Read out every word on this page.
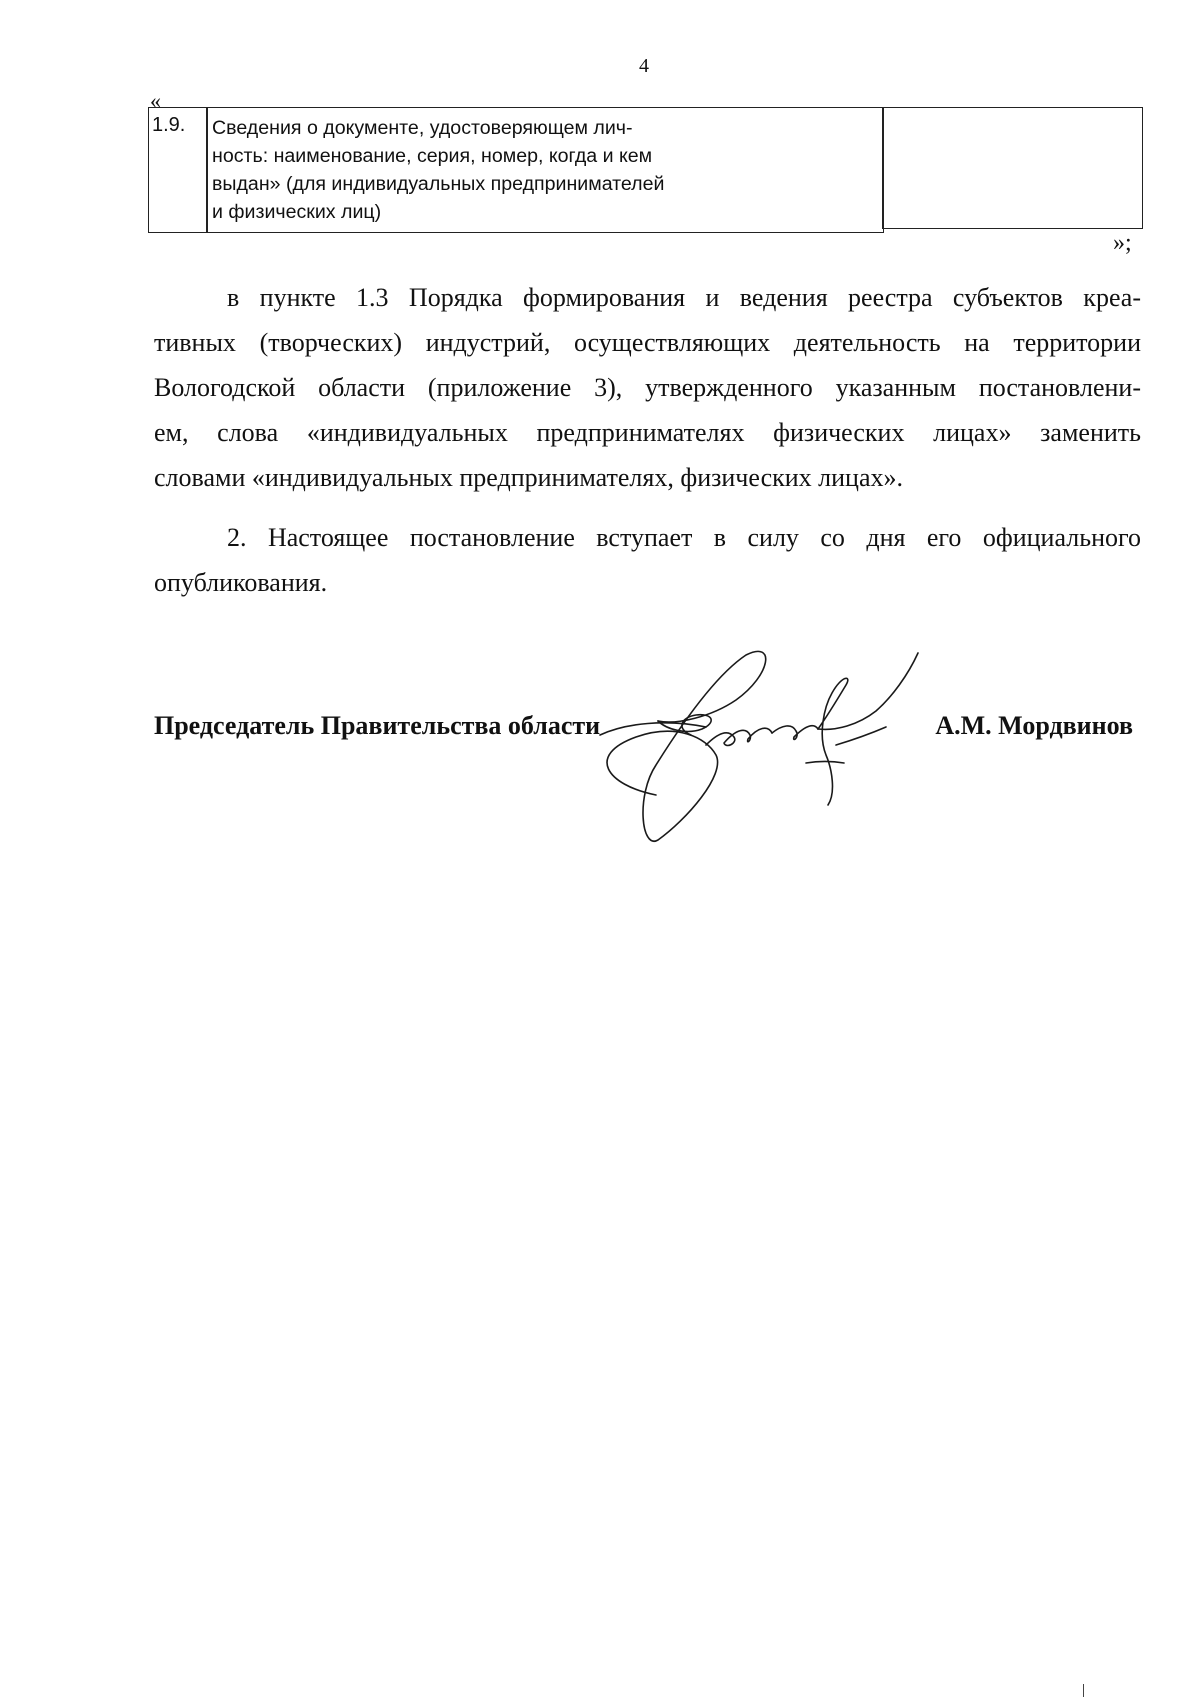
4
«
1.9.	Сведения о документе, удостоверяющем лич-
ность: наименование, серия, номер, когда и кем
выдан» (для индивидуальных предпринимателей
и физических лиц)
»;
в пункте 1.3 Порядка формирования и ведения реестра субъектов креа-
тивных (творческих) индустрий, осуществляющих деятельность на территории
Вологодской области (приложение 3), утвержденного указанным постановлени-
ем, слова «индивидуальных предпринимателях физических лицах» заменить
словами «индивидуальных предпринимателях, физических лицах».
2. Настоящее постановление вступает в силу со дня его официального
опубликования.
Председатель Правительства области	А.М. Мордвинов
